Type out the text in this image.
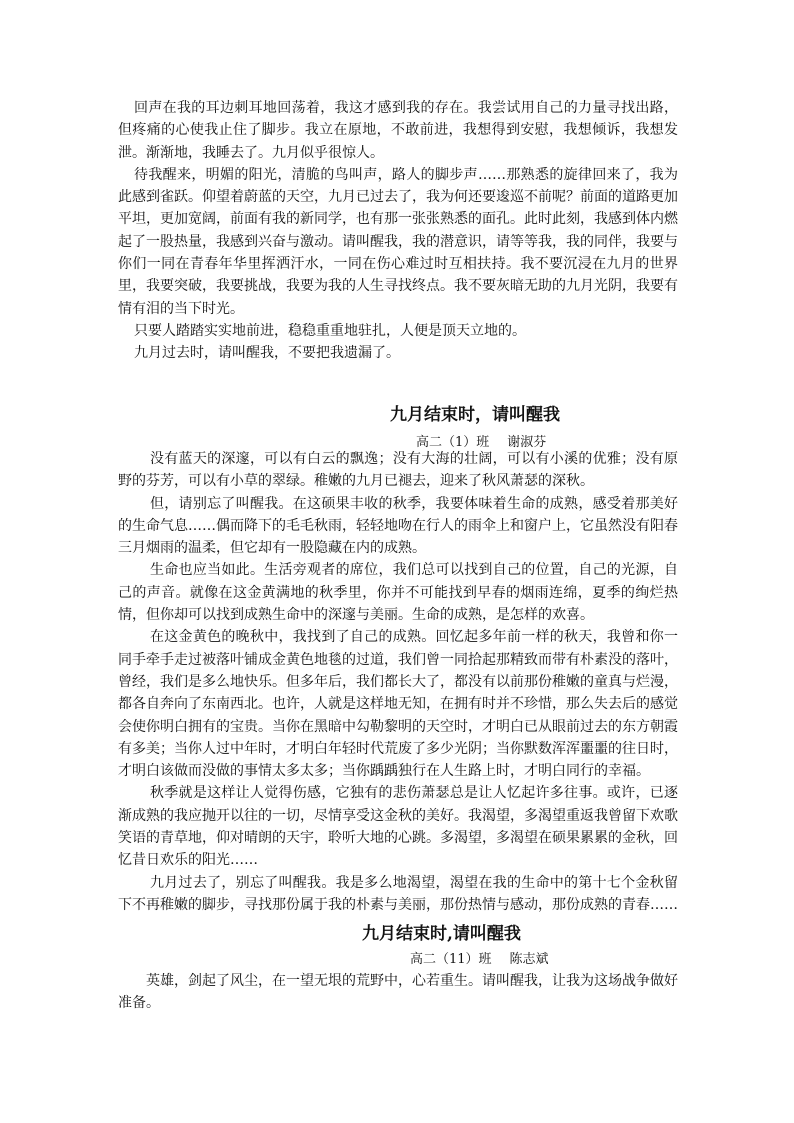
回声在我的耳边刺耳地回荡着，我这才感到我的存在。我尝试用自己的力量寻找出路，但疼痛的心使我止住了脚步。我立在原地，不敢前进，我想得到安慰，我想倾诉，我想发泄。渐渐地，我睡去了。九月似乎很惊人。

待我醒来，明媚的阳光，清脆的鸟叫声，路人的脚步声……那熟悉的旋律回来了，我为此感到雀跃。仰望着蔚蓝的天空，九月已过去了，我为何还要逡巡不前呢？前面的道路更加平坦，更加宽阔，前面有我的新同学，也有那一张张熟悉的面孔。此时此刻，我感到体内燃起了一股热量，我感到兴奋与激动。请叫醒我，我的潜意识，请等等我，我的同伴，我要与你们一同在青春年华里挥洒汗水，一同在伤心难过时互相扶持。我不要沉浸在九月的世界里，我要突破，我要挑战，我要为我的人生寻找终点。我不要灰暗无助的九月光阴，我要有情有泪的当下时光。

只要人踏踏实实地前进，稳稳重重地驻扎，人便是顶天立地的。

九月过去时，请叫醒我，不要把我遗漏了。

九月结束时，请叫醒我
高二（1）班 谢淑芬

没有蓝天的深邃，可以有白云的飘逸；没有大海的壮阔，可以有小溪的优雅；没有原野的芬芳，可以有小草的翠绿。稚嫩的九月已褪去，迎来了秋风萧瑟的深秋。

但，请别忘了叫醒我。在这硕果丰收的秋季，我要体味着生命的成熟，感受着那美好的生命气息……偶而降下的毛毛秋雨，轻轻地吻在行人的雨伞上和窗户上，它虽然没有阳春三月烟雨的温柔，但它却有一股隐藏在内的成熟。

生命也应当如此。生活旁观者的席位，我们总可以找到自己的位置，自己的光源，自己的声音。就像在这金黄满地的秋季里，你并不可能找到早春的烟雨连绵，夏季的绚烂热情，但你却可以找到成熟生命中的深邃与美丽。生命的成熟，是怎样的欢喜。

在这金黄色的晚秋中，我找到了自己的成熟。回忆起多年前一样的秋天，我曾和你一同手牵手走过被落叶铺成金黄色地毯的过道，我们曾一同拾起那精致而带有朴素没的落叶，曾经，我们是多么地快乐。但多年后，我们都长大了，都没有以前那份稚嫩的童真与烂漫，都各自奔向了东南西北。也许，人就是这样地无知，在拥有时并不珍惜，那么失去后的感觉会使你明白拥有的宝贵。当你在黑暗中勾勒黎明的天空时，才明白已从眼前过去的东方朝霞有多美；当你人过中年时，才明白年轻时代荒废了多少光阴；当你默数浑浑噩噩的往日时，才明白该做而没做的事情太多太多；当你踽踽独行在人生路上时，才明白同行的幸福。

秋季就是这样让人觉得伤感，它独有的悲伤萧瑟总是让人忆起许多往事。或许，已逐渐成熟的我应抛开以往的一切，尽情享受这金秋的美好。我渴望，多渴望重返我曾留下欢歌笑语的青草地，仰对晴朗的天宇，聆听大地的心跳。多渴望，多渴望在硕果累累的金秋，回忆昔日欢乐的阳光……

九月过去了，别忘了叫醒我。我是多么地渴望，渴望在我的生命中的第十七个金秋留下不再稚嫩的脚步，寻找那份属于我的朴素与美丽，那份热情与感动，那份成熟的青春……

九月结束时,请叫醒我
高二（11）班 陈志斌

英雄，剑起了风尘，在一望无垠的荒野中，心若重生。请叫醒我，让我为这场战争做好准备。
